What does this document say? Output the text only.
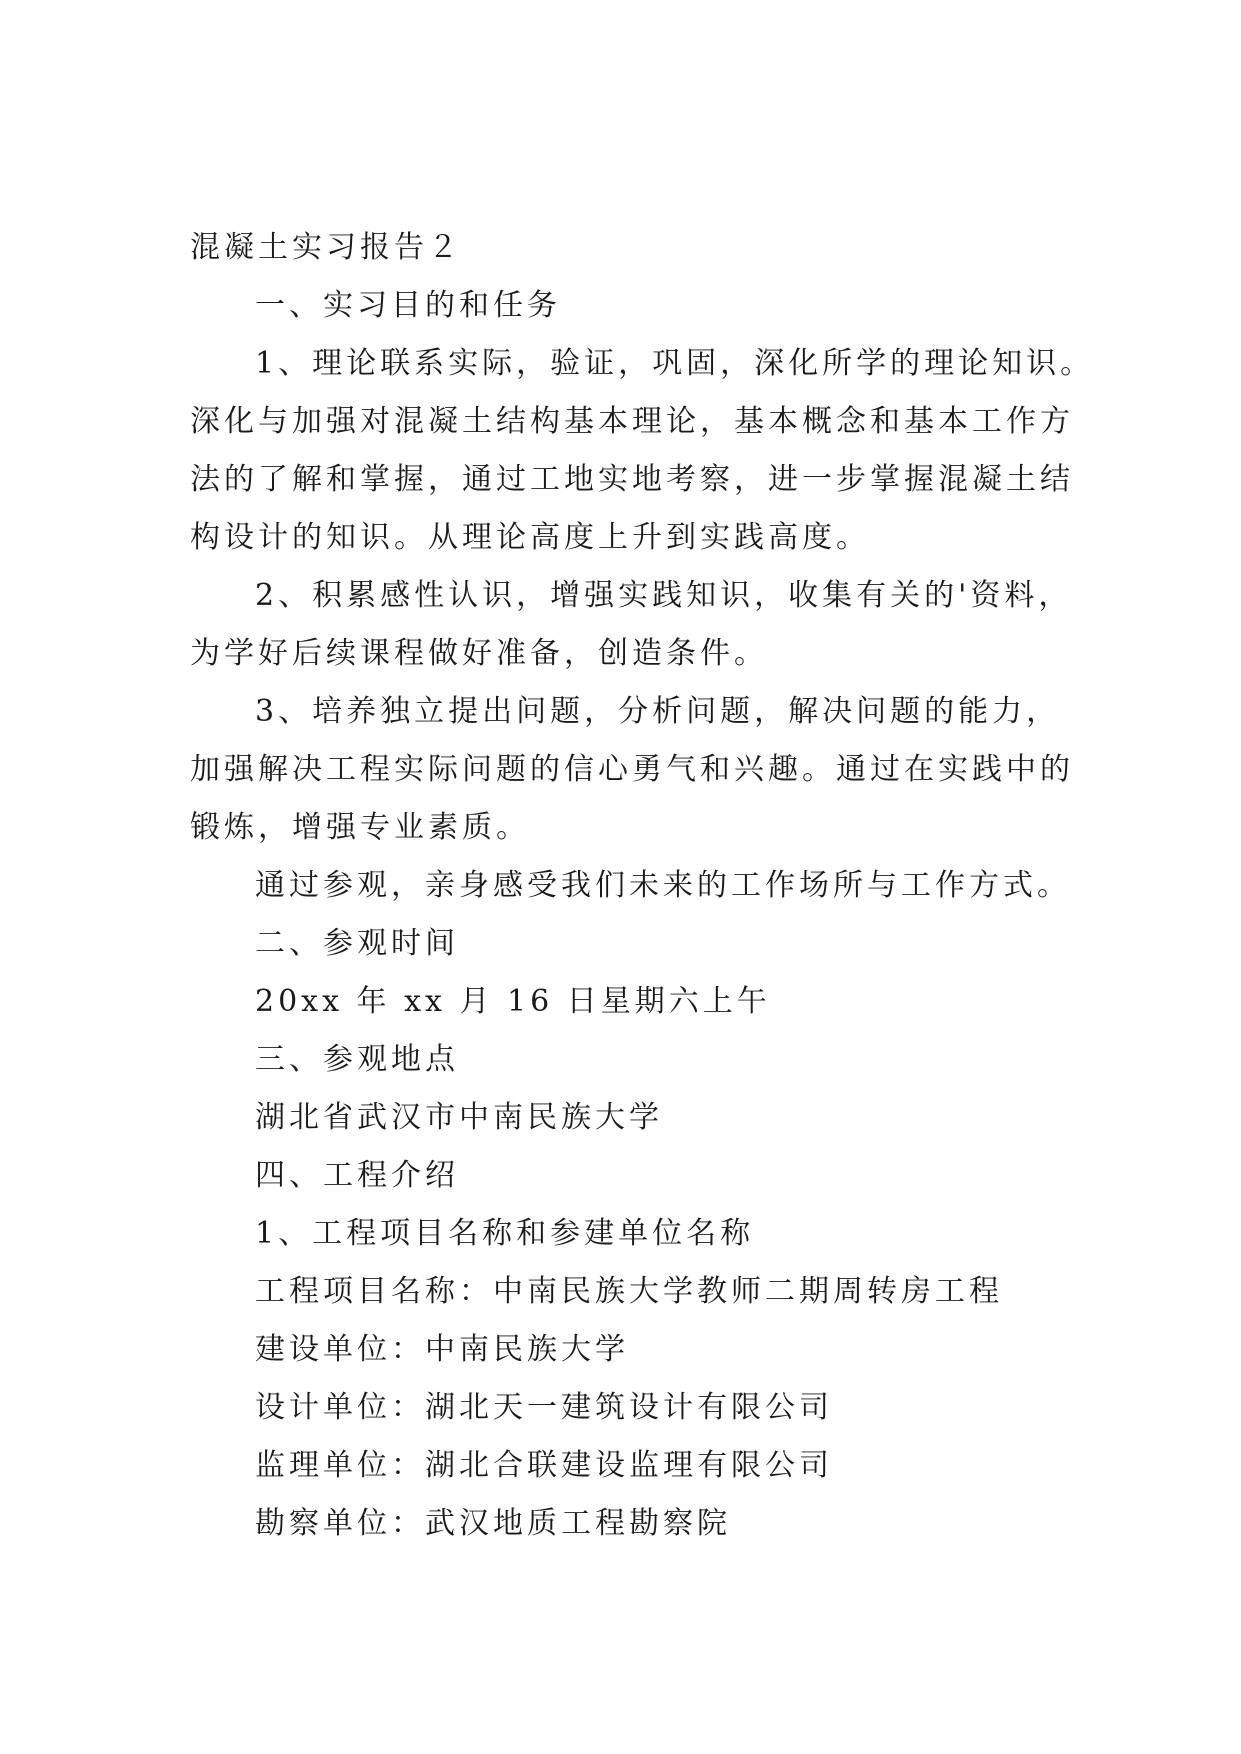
混凝土实习报告２
一、实习目的和任务
1、理论联系实际，验证，巩固，深化所学的理论知识。
深化与加强对混凝土结构基本理论，基本概念和基本工作方
法的了解和掌握，通过工地实地考察，进一步掌握混凝土结
构设计的知识。从理论高度上升到实践高度。
2、积累感性认识，增强实践知识，收集有关的'资料，
为学好后续课程做好准备，创造条件。
3、培养独立提出问题，分析问题，解决问题的能力，
加强解决工程实际问题的信心勇气和兴趣。通过在实践中的
锻炼，增强专业素质。
通过参观，亲身感受我们未来的工作场所与工作方式。
二、参观时间
20xx 年 xx 月 16 日星期六上午
三、参观地点
湖北省武汉市中南民族大学
四、工程介绍
1、工程项目名称和参建单位名称
工程项目名称：中南民族大学教师二期周转房工程
建设单位：中南民族大学
设计单位：湖北天一建筑设计有限公司
监理单位：湖北合联建设监理有限公司
勘察单位：武汉地质工程勘察院
